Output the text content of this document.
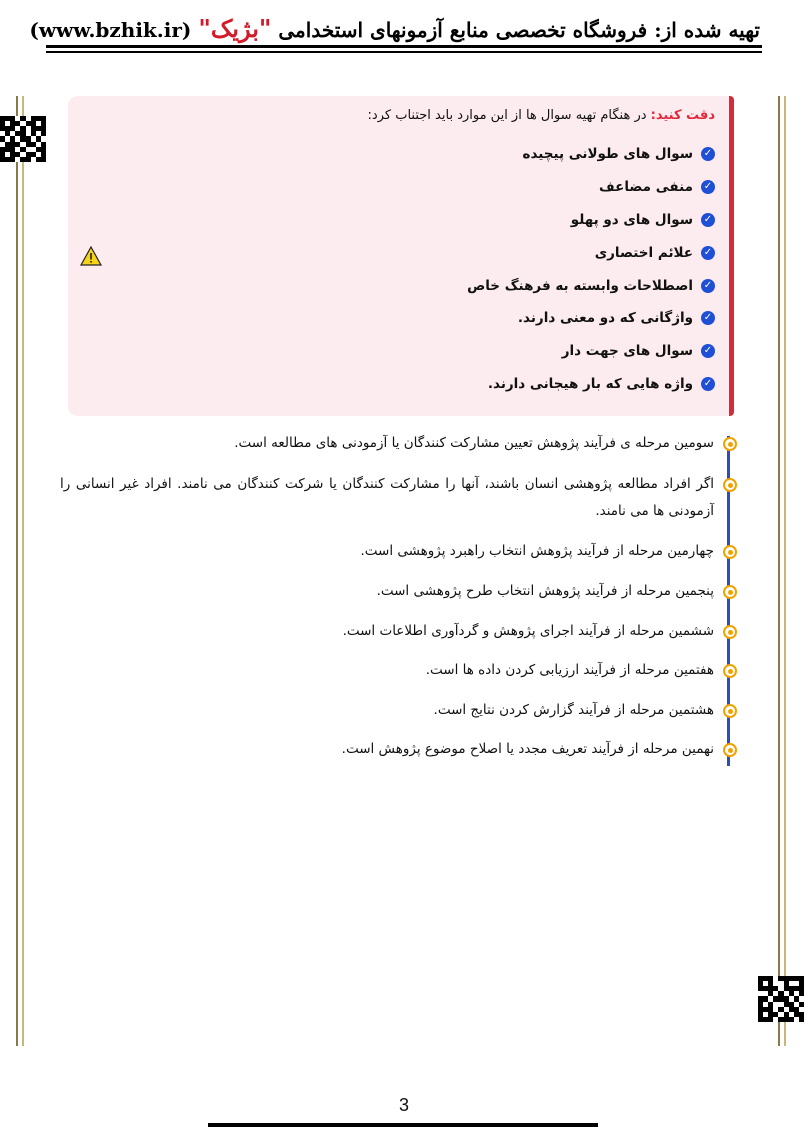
تهیه شده از: فروشگاه تخصصی منابع آزمونهای استخدامی "بژیک" (www.bzhik.ir)
دقت کنید: در هنگام تهیه سوال ها از این موارد باید اجتناب کرد:
✓
سوال های طولانی پیچیده
✓
منفی مضاعف
✓
سوال های دو پهلو
✓
علائم اختصاری
✓
اصطلاحات وابسته به فرهنگ خاص
✓
واژگانی که دو معنی دارند.
✓
سوال های جهت دار
✓
واژه هایی که بار هیجانی دارند.
سومین مرحله ی فرآیند پژوهش تعیین مشارکت کنندگان یا آزمودنی های مطالعه است.
اگر افراد مطالعه پژوهشی انسان باشند، آنها را مشارکت کنندگان یا شرکت کنندگان می نامند. افراد غیر انسانی را آزمودنی ها می نامند.
چهارمین مرحله از فرآیند پژوهش انتخاب راهبرد پژوهشی است.
پنجمین مرحله از فرآیند پژوهش انتخاب طرح پژوهشی است.
ششمین مرحله از فرآیند اجرای پژوهش و گردآوری اطلاعات است.
هفتمین مرحله از فرآیند ارزیابی کردن داده ها است.
هشتمین مرحله از فرآیند گزارش کردن نتایج است.
نهمین مرحله از فرآیند تعریف مجدد یا اصلاح موضوع پژوهش است.
3
